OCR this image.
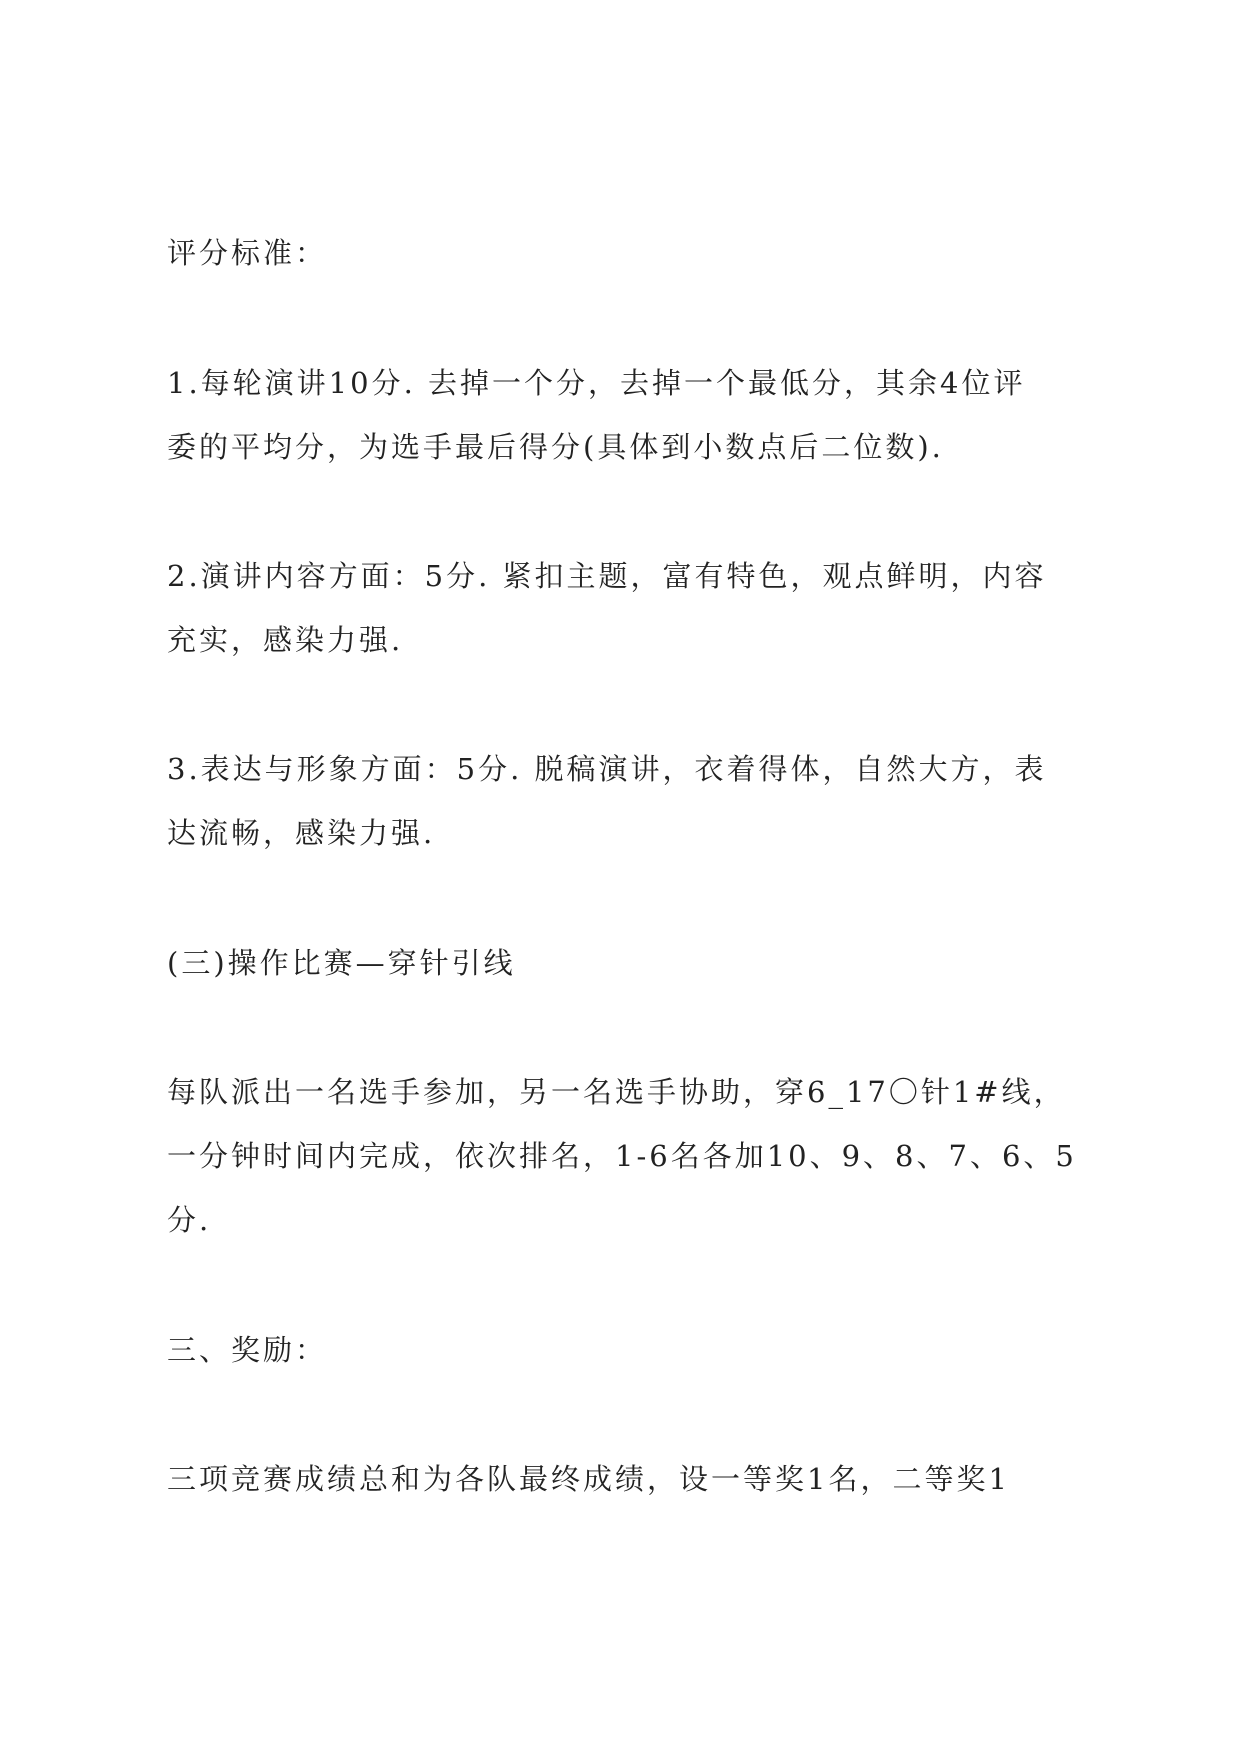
评分标准：

1.每轮演讲10分. 去掉一个分，去掉一个最低分，其余4位评

委的平均分，为选手最后得分(具体到小数点后二位数).

2.演讲内容方面：5分. 紧扣主题，富有特色，观点鲜明，内容

充实，感染力强.

3.表达与形象方面：5分. 脱稿演讲，衣着得体，自然大方，表

达流畅，感染力强.

(三)操作比赛—穿针引线

每队派出一名选手参加，另一名选手协助，穿6_17〇针1#线，

一分钟时间内完成，依次排名，1-6名各加10、9、8、7、6、5

分.

三、奖励：

三项竞赛成绩总和为各队最终成绩，设一等奖1名，二等奖1
